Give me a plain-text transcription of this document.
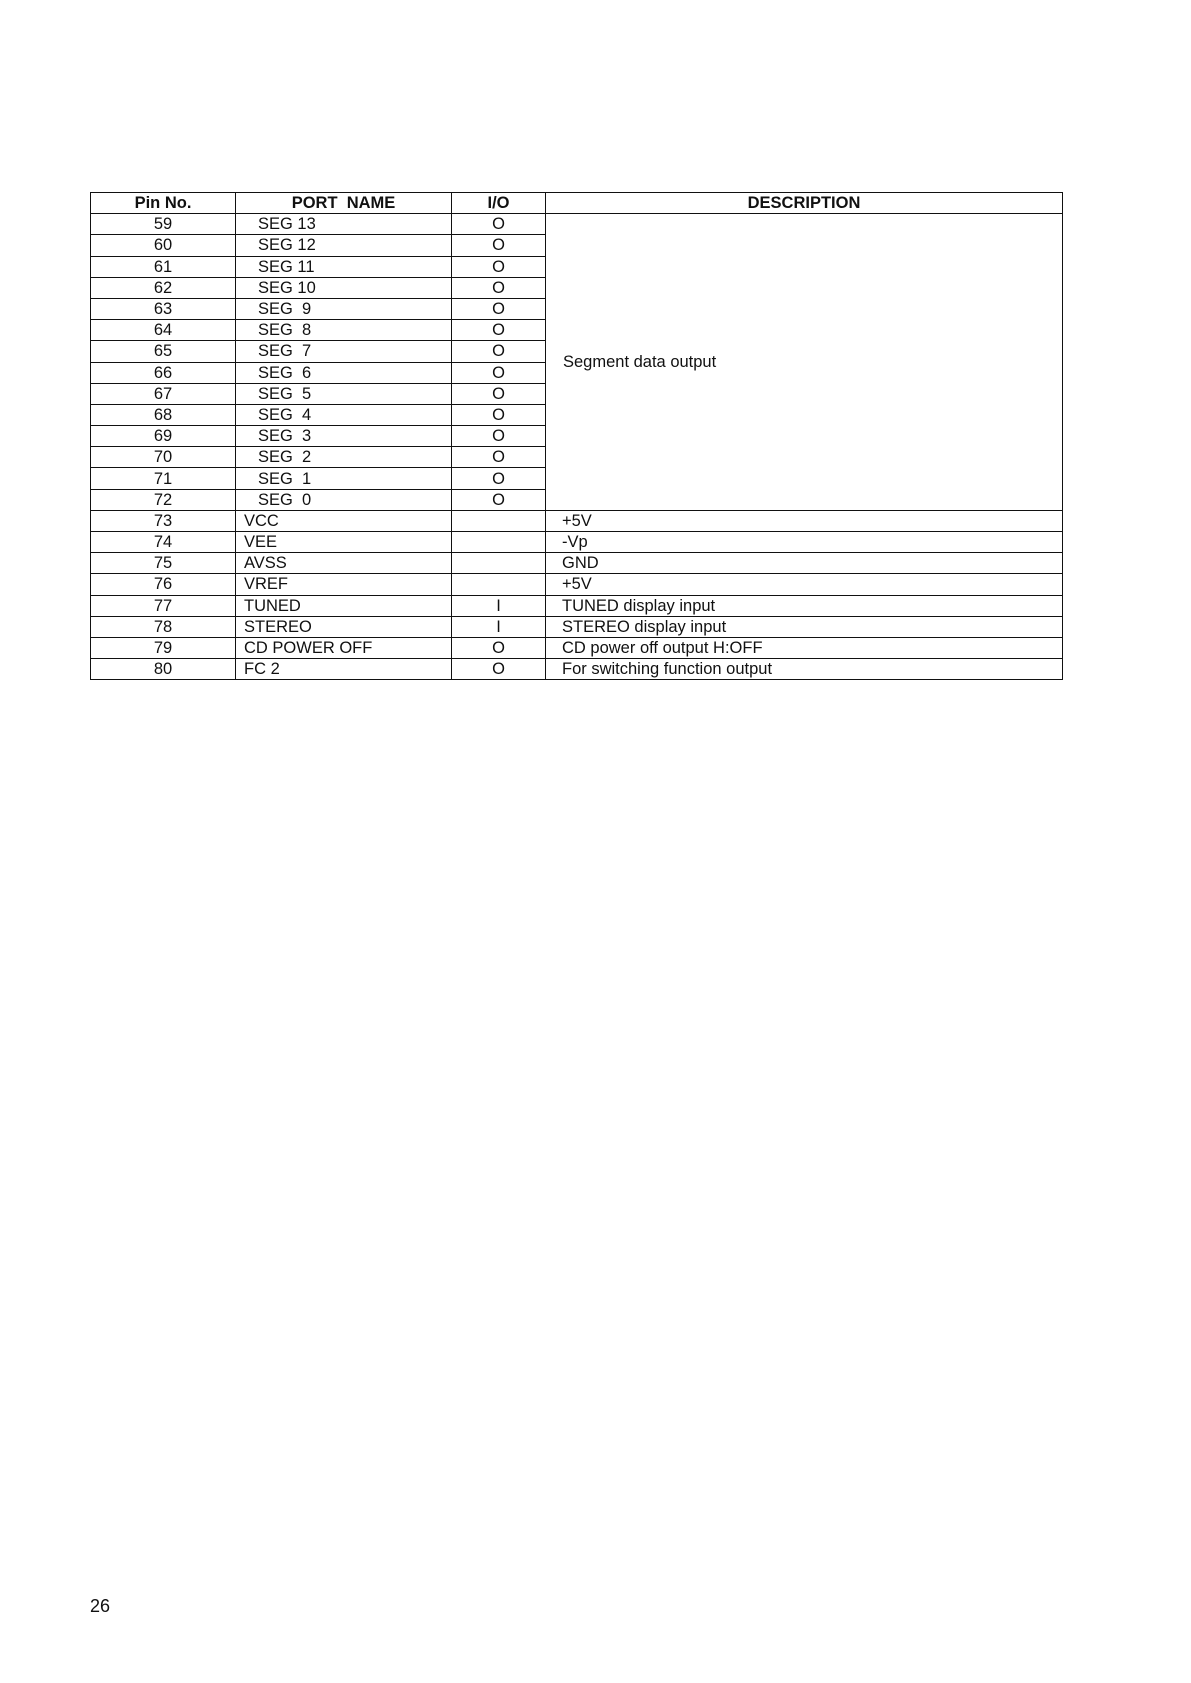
Pin No.	PORT  NAME	I/O	DESCRIPTION
59	SEG 13	O	Segment data output
60	SEG 12	O	
61	SEG 11	O	
62	SEG 10	O	
63	SEG  9	O	
64	SEG  8	O	
65	SEG  7	O	
66	SEG  6	O	
67	SEG  5	O	
68	SEG  4	O	
69	SEG  3	O	
70	SEG  2	O	
71	SEG  1	O	
72	SEG  0	O	
73	VCC		+5V
74	VEE		-Vp
75	AVSS		GND
76	VREF		+5V
77	TUNED	I	TUNED display input
78	STEREO	I	STEREO display input
79	CD POWER OFF	O	CD power off output H:OFF
80	FC 2	O	For switching function output
26
